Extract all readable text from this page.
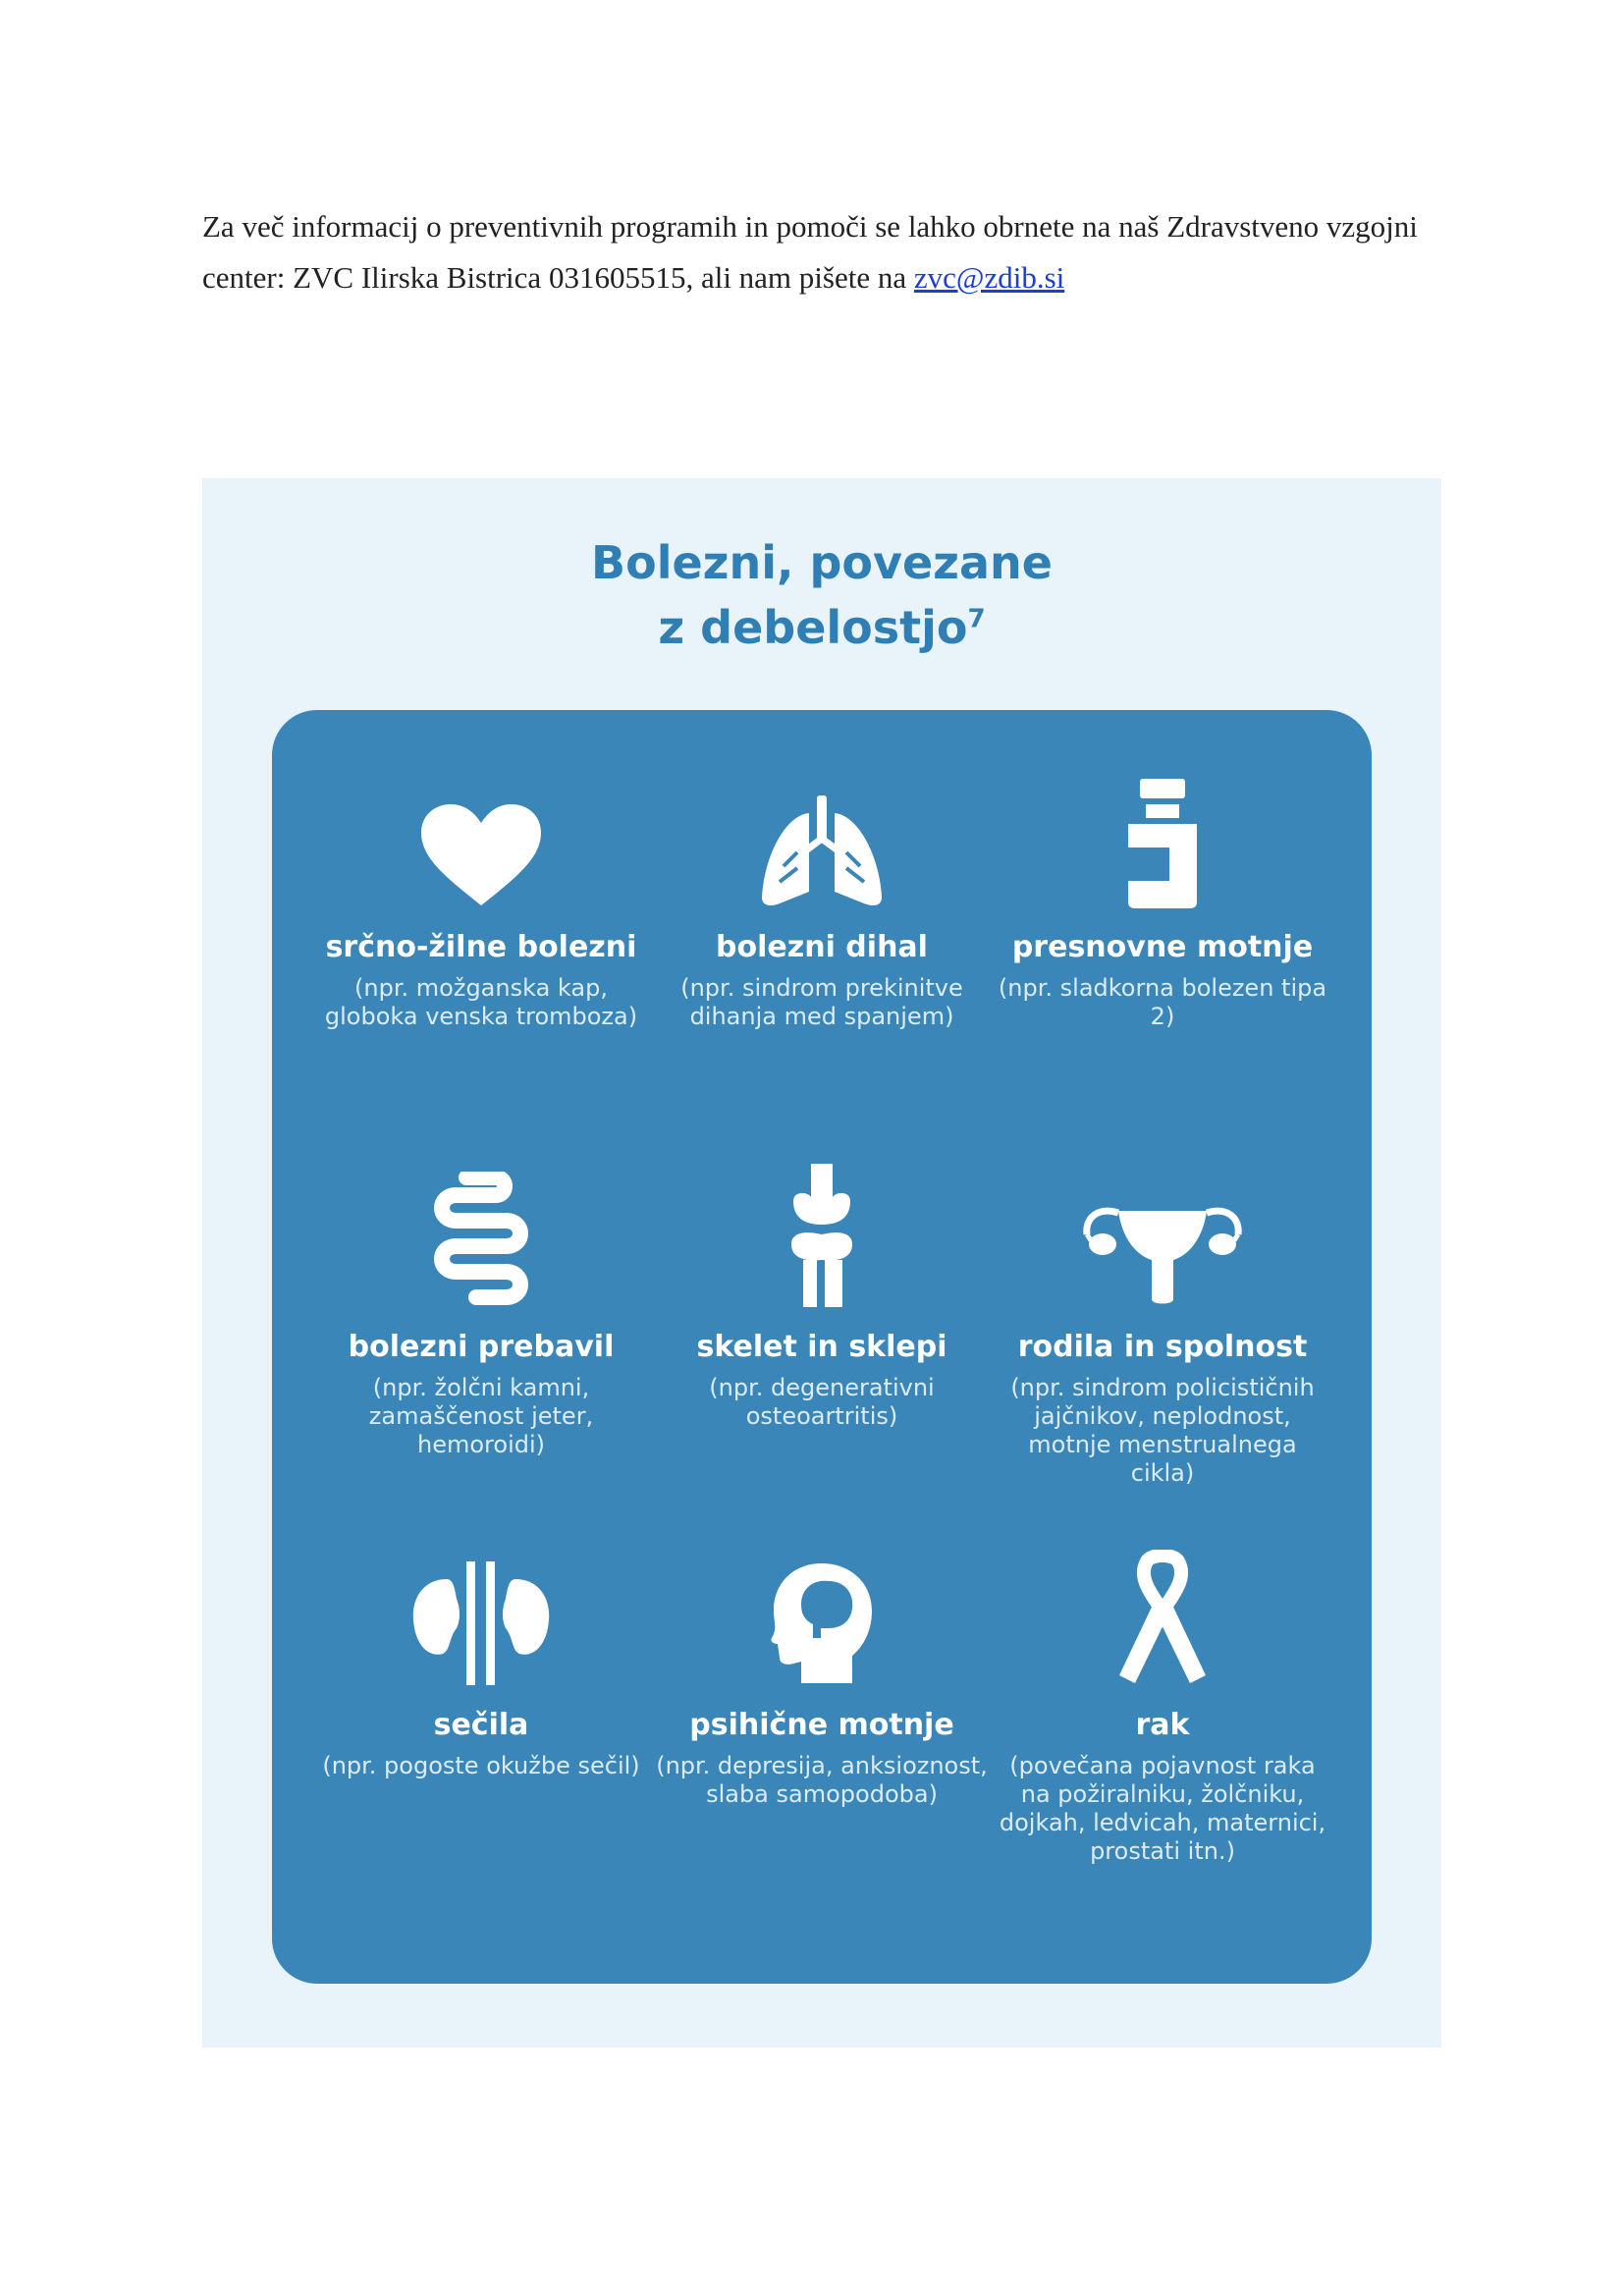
Za več informacij o preventivnih programih in pomoči se lahko obrnete na naš Zdravstveno vzgojni center: ZVC Ilirska Bistrica 031605515, ali nam pišete na zvc@zdib.si
Bolezni, povezane
z debelostjo$^7$
srčno-žilne bolezni
(npr. možganska kap, globoka venska tromboza)
bolezni dihal
(npr. sindrom prekinitve dihanja med spanjem)
presnovne motnje
(npr. sladkorna bolezen tipa 2)
bolezni prebavil
(npr. žolčni kamni, zamaščenost jeter, hemoroidi)
skelet in sklepi
(npr. degenerativni osteoartritis)
rodila in spolnost
(npr. sindrom policističnih jajčnikov, neplodnost, motnje menstrualnega cikla)
sečila
(npr. pogoste okužbe sečil)
psihične motnje
(npr. depresija, anksioznost, slaba samopodoba)
rak
(povečana pojavnost raka na požiralniku, žolčniku, dojkah, ledvicah, maternici, prostati itn.)
